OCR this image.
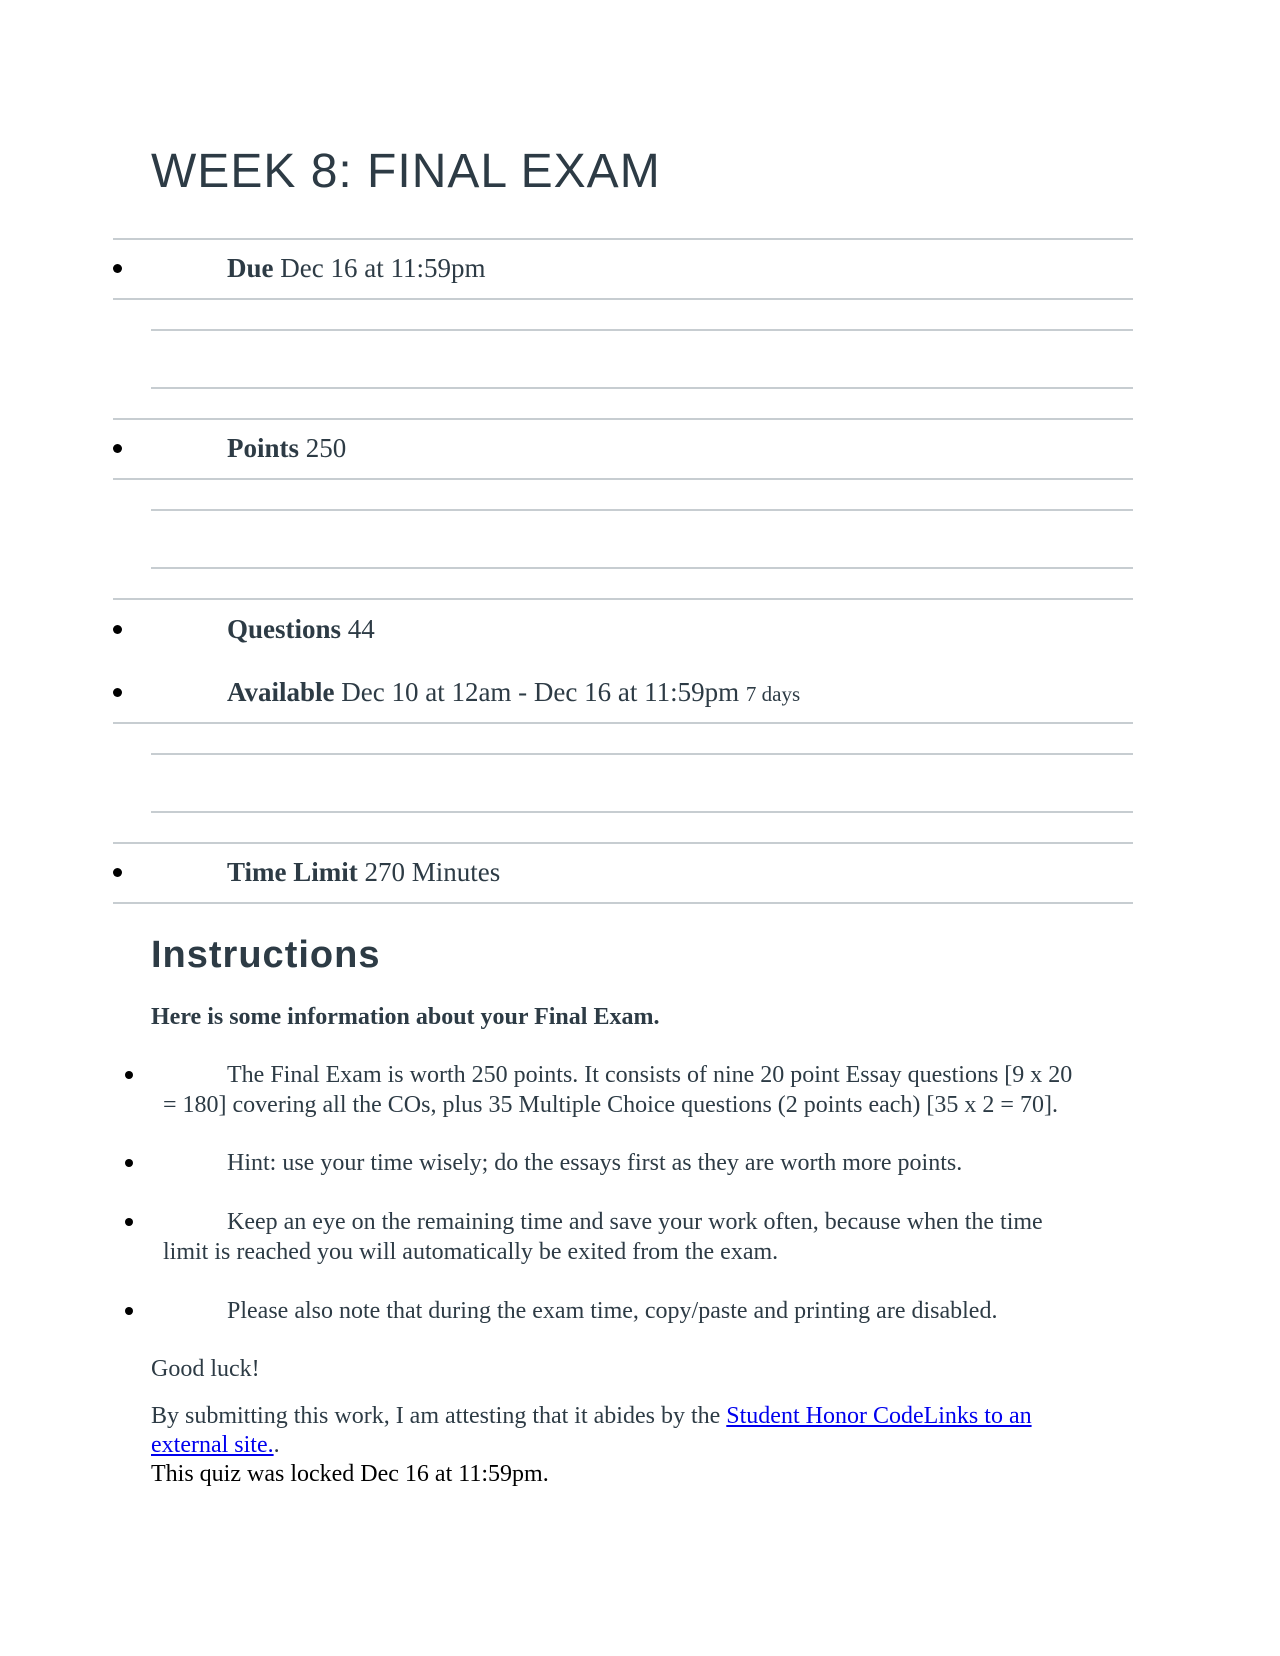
WEEK 8: FINAL EXAM
Due Dec 16 at 11:59pm
Points 250
Questions 44
Available Dec 10 at 12am - Dec 16 at 11:59pm 7 days
Time Limit 270 Minutes
Instructions
Here is some information about your Final Exam.
The Final Exam is worth 250 points. It consists of nine 20 point Essay questions [9 x 20
= 180] covering all the COs, plus 35 Multiple Choice questions (2 points each) [35 x 2 = 70].
Hint: use your time wisely; do the essays first as they are worth more points.
Keep an eye on the remaining time and save your work often, because when the time
limit is reached you will automatically be exited from the exam.
Please also note that during the exam time, copy/paste and printing are disabled.
Good luck!
By submitting this work, I am attesting that it abides by the Student Honor CodeLinks to an
external site..
This quiz was locked Dec 16 at 11:59pm.
